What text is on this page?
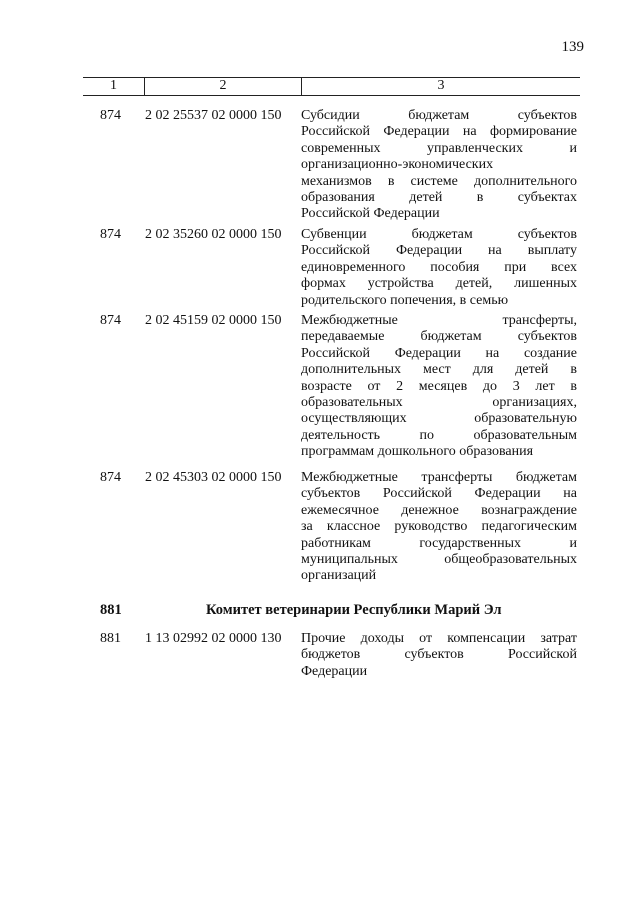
139
1	2	3
874 2 02 25537 02 0000 150 Субсидии бюджетам субъектов
Российской Федерации на формирование
современных управленческих и
организационно-экономических
механизмов в системе дополнительного
образования детей в субъектах
Российской Федерации
874 2 02 35260 02 0000 150 Субвенции бюджетам субъектов
Российской Федерации на выплату
единовременного пособия при всех
формах устройства детей, лишенных
родительского попечения, в семью
874 2 02 45159 02 0000 150 Межбюджетные трансферты,
передаваемые бюджетам субъектов
Российской Федерации на создание
дополнительных мест для детей в
возрасте от 2 месяцев до 3 лет в
образовательных организациях,
осуществляющих образовательную
деятельность по образовательным
программам дошкольного образования
874 2 02 45303 02 0000 150 Межбюджетные трансферты бюджетам
субъектов Российской Федерации на
ежемесячное денежное вознаграждение
за классное руководство педагогическим
работникам государственных и
муниципальных общеобразовательных
организаций
881	Комитет ветеринарии Республики Марий Эл
881 1 13 02992 02 0000 130 Прочие доходы от компенсации затрат
бюджетов субъектов Российской
Федерации
